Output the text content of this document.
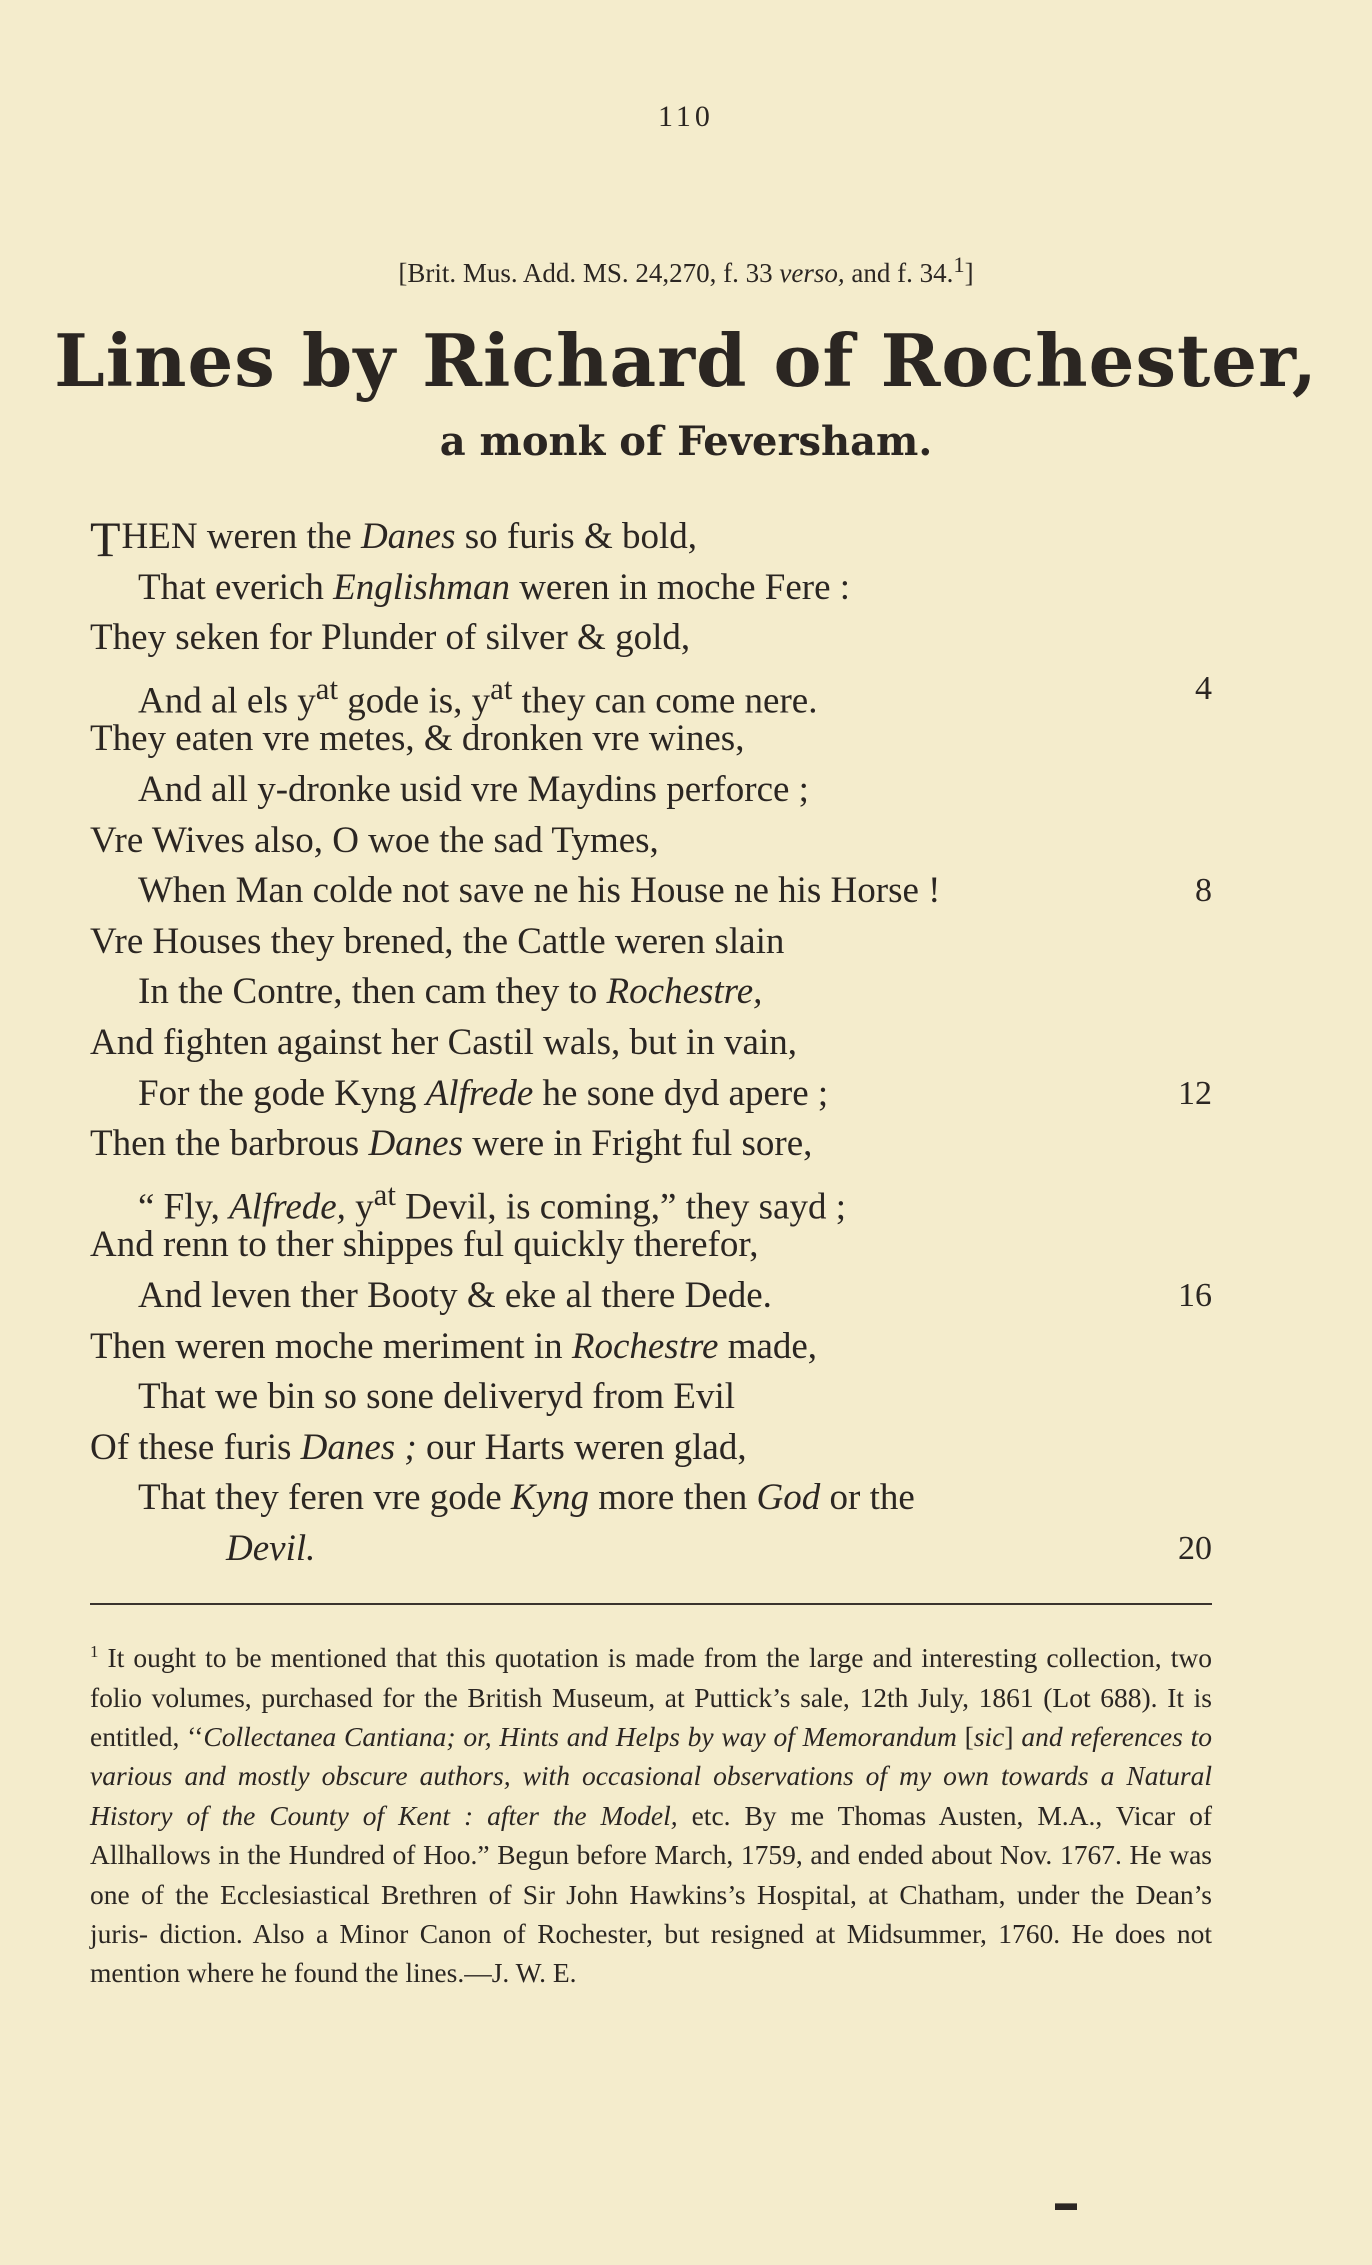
110
[Brit. Mus. Add. MS. 24,270, f. 33 verso, and f. 34.$^1$]
Lines by Richard of Rochester,
a monk of Feversham.
THEN weren the Danes so furis & bold,
That everich Englishman weren in moche Fere :
They seken for Plunder of silver & gold,
And al els $y^{at}$ gode is, $y^{at}$ they can come nere.	4
They eaten vre metes, & dronken vre wines,
And all y-dronke usid vre Maydins perforce ;
Vre Wives also, O woe the sad Tymes,
When Man colde not save ne his House ne his Horse !	8
Vre Houses they brened, the Cattle weren slain
In the Contre, then cam they to Rochestre,
And fighten against her Castil wals, but in vain,
For the gode Kyng Alfrede he sone dyd apere ;	12
Then the barbrous Danes were in Fright ful sore,
“ Fly, Alfrede, $y^{at}$ Devil, is coming,” they sayd ;
And renn to ther shippes ful quickly therefor,
And leven ther Booty & eke al there Dede.	16
Then weren moche meriment in Rochestre made,
That we bin so sone deliveryd from Evil
Of these furis Danes ; our Harts weren glad,
That they feren vre gode Kyng more then God or the
Devil.	20
$^1$ It ought to be mentioned that this quotation is made from the large and interesting collection, two folio volumes, purchased for the British Museum, at Puttick’s sale, 12th July, 1861 (Lot 688). It is entitled, ‘‘Collectanea Cantiana; or, Hints and Helps by way of Memorandum [sic] and references to various and mostly obscure authors, with occasional observations of my own towards a Natural History of the County of Kent : after the Model, etc. By me Thomas Austen, M.A., Vicar of Allhallows in the Hundred of Hoo.” Begun before March, 1759, and ended about Nov. 1767. He was one of the Ecclesiastical Brethren of Sir John Hawkins’s Hospital, at Chatham, under the Dean’s juris- diction. Also a Minor Canon of Rochester, but resigned at Midsummer, 1760. He does not mention where he found the lines.—J. W. E.
▬
